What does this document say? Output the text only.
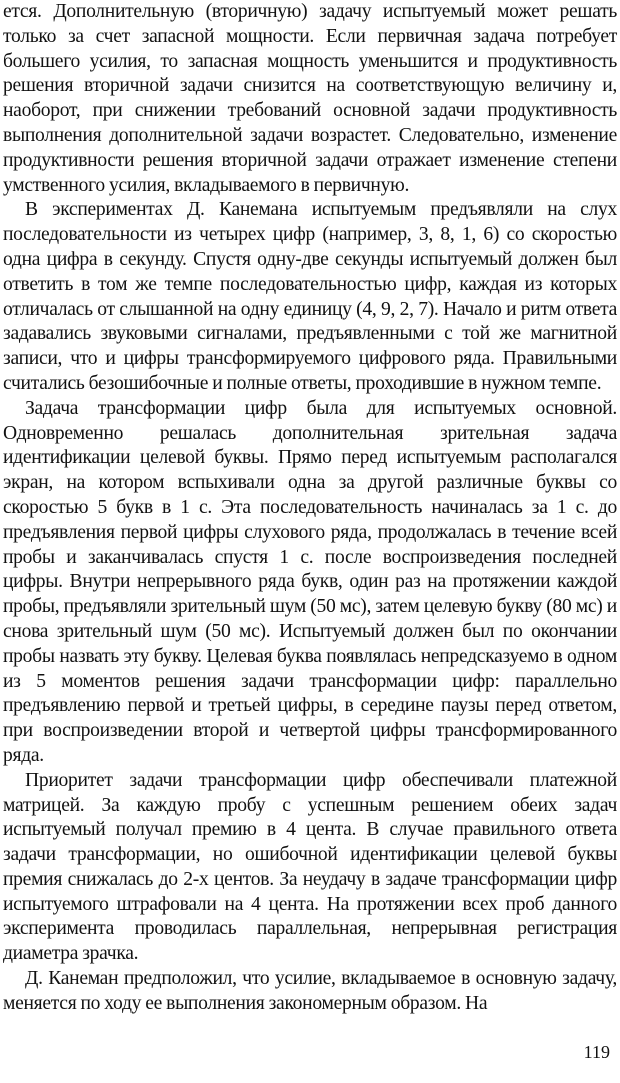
ется. Дополнительную (вторичную) задачу испытуемый может решать только за счет запасной мощности. Если первичная задача потребует большего усилия, то запасная мощность уменьшится и продуктивность решения вторичной задачи снизится на соответствующую величину и, наоборот, при снижении требований основной задачи продуктивность выполнения дополнительной задачи возрастет. Следовательно, изменение продуктивности решения вторичной задачи отражает изменение степени умственного усилия, вкладываемого в первичную.

В экспериментах Д. Канемана испытуемым предъявляли на слух последовательности из четырех цифр (например, 3, 8, 1, 6) со скоростью одна цифра в секунду. Спустя одну-две секунды испытуемый должен был ответить в том же темпе последовательностью цифр, каждая из которых отличалась от слышанной на одну единицу (4, 9, 2, 7). Начало и ритм ответа задавались звуковыми сигналами, предъявленными с той же магнитной записи, что и цифры трансформируемого цифрового ряда. Правильными считались безошибочные и полные ответы, проходившие в нужном темпе.

Задача трансформации цифр была для испытуемых основной. Одновременно решалась дополнительная зрительная задача идентификации целевой буквы. Прямо перед испытуемым располагался экран, на котором вспыхивали одна за другой различные буквы со скоростью 5 букв в 1 с. Эта последовательность начиналась за 1 с. до предъявления первой цифры слухового ряда, продолжалась в течение всей пробы и заканчивалась спустя 1 с. после воспроизведения последней цифры. Внутри непрерывного ряда букв, один раз на протяжении каждой пробы, предъявляли зрительный шум (50 мс), затем целевую букву (80 мс) и снова зрительный шум (50 мс). Испытуемый должен был по окончании пробы назвать эту букву. Целевая буква появлялась непредсказуемо в одном из 5 моментов решения задачи трансформации цифр: параллельно предъявлению первой и третьей цифры, в середине паузы перед ответом, при воспроизведении второй и четвертой цифры трансформированного ряда.

Приоритет задачи трансформации цифр обеспечивали платежной матрицей. За каждую пробу с успешным решением обеих задач испытуемый получал премию в 4 цента. В случае правильного ответа задачи трансформации, но ошибочной идентификации целевой буквы премия снижалась до 2-х центов. За неудачу в задаче трансформации цифр испытуемого штрафовали на 4 цента. На протяжении всех проб данного эксперимента проводилась параллельная, непрерывная регистрация диаметра зрачка.

Д. Канеман предположил, что усилие, вкладываемое в основную задачу, меняется по ходу ее выполнения закономерным образом. На

119
